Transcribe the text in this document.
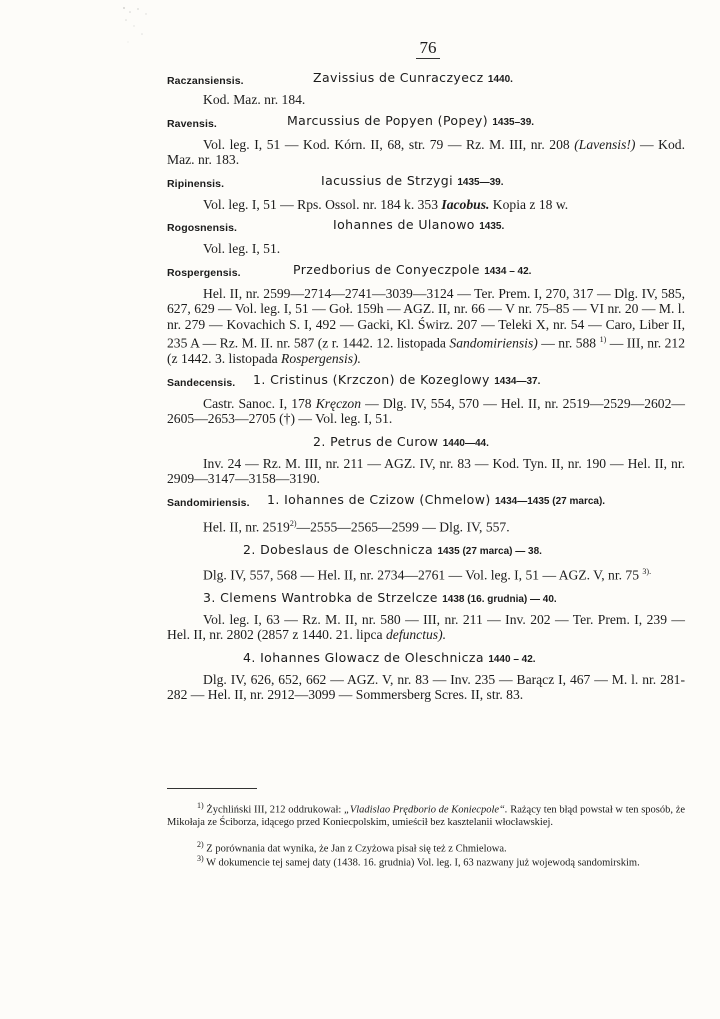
76
Raczansiensis.	Zavissius de Cunraczyecz 1440.

Kod. Maz. nr. 184.

Ravensis.	Marcussius de Popyen (Popey) 1435–39.

Vol. leg. I, 51 — Kod. Kórn. II, 68, str. 79 — Rz. M. III, nr. 208 (Lavensis!) — Kod. Maz. nr. 183.

Ripinensis.	Iacussius de Strzygi 1435—39.

Vol. leg. I, 51 — Rps. Ossol. nr. 184 k. 353 Iacobus. Kopia z 18 w.

Rogosnensis.	Iohannes de Ulanowo 1435.

Vol. leg. I, 51.

Rospergensis.	Przedborius de Conyeczpole 1434 – 42.

Hel. II, nr. 2599—2714—2741—3039—3124 — Ter. Prem. I, 270, 317 — Dlg. IV, 585, 627, 629 — Vol. leg. I, 51 — Goł. 159h — AGZ. II, nr. 66 — V nr. 75–85 — VI nr. 20 — M. l. nr. 279 — Kovachich S. I, 492 — Gacki, Kl. Świrz. 207 — Teleki X, nr. 54 — Caro, Liber II, 235 A — Rz. M. II. nr. 587 (z r. 1442. 12. listopada Sandomiriensis) — nr. 588 $^{1)}$ — III, nr. 212 (z 1442. 3. listopada Rospergensis).

Sandecensis. 1. Cristinus (Krzczon) de Kozeglowy 1434—37.

Castr. Sanoc. I, 178 Kręczon — Dlg. IV, 554, 570 — Hel. II, nr. 2519—2529—2602—2605—2653—2705 (†) — Vol. leg. I, 51.

2. Petrus de Curow 1440—44.

Inv. 24 — Rz. M. III, nr. 211 — AGZ. IV, nr. 83 — Kod. Tyn. II, nr. 190 — Hel. II, nr. 2909—3147—3158—3190.

Sandomiriensis. 1. Iohannes de Czizow (Chmelow) 1434—1435 (27 marca).

Hel. II, nr. 2519$^{2)}$—2555—2565—2599 — Dlg. IV, 557.

2. Dobeslaus de Oleschnicza 1435 (27 marca) — 38.

Dlg. IV, 557, 568 — Hel. II, nr. 2734—2761 — Vol. leg. I, 51 — AGZ. V, nr. 75 $^{3).}$

3. Clemens Wantrobka de Strzelcze 1438 (16. grudnia) — 40.

Vol. leg. I, 63 — Rz. M. II, nr. 580 — III, nr. 211 — Inv. 202 — Ter. Prem. I, 239 — Hel. II, nr. 2802 (2857 z 1440. 21. lipca defunctus).

4. Iohannes Glowacz de Oleschnicza 1440 – 42.

Dlg. IV, 626, 652, 662 — AGZ. V, nr. 83 — Inv. 235 — Barącz I, 467 — M. l. nr. 281-282 — Hel. II, nr. 2912—3099 — Sommersberg Scres. II, str. 83.

$^{1)}$ Żychliński III, 212 oddrukował: „Vladislao Prędborio de Koniecpole“. Rażący ten błąd powstał w ten sposób, że Mikołaja ze Ściborza, idącego przed Koniecpolskim, umieścił bez kasztelanii włocławskiej.
$^{2)}$ Z porównania dat wynika, że Jan z Czyżowa pisał się też z Chmielowa.
$^{3)}$ W dokumencie tej samej daty (1438. 16. grudnia) Vol. leg. I, 63 nazwany już wojewodą sandomirskim.
